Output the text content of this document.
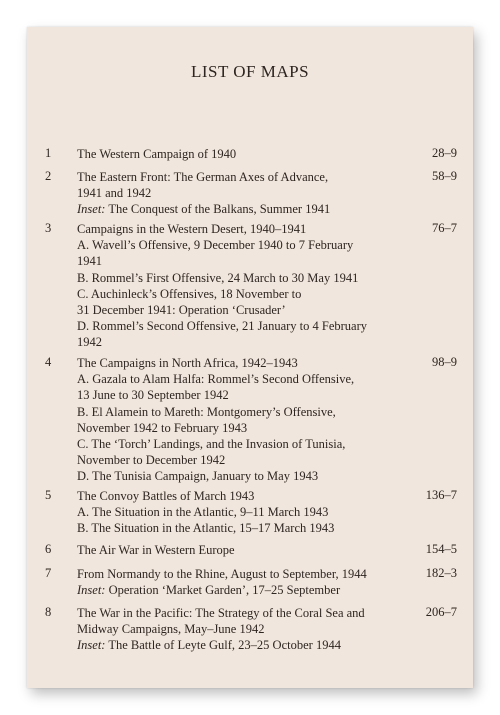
LIST OF MAPS
1 The Western Campaign of 1940	28–9
2 The Eastern Front: The German Axes of Advance,
1941 and 1942
Inset: The Conquest of the Balkans, Summer 1941
58–9
3 Campaigns in the Western Desert, 1940–1941
A. Wavell’s Offensive, 9 December 1940 to 7 February
1941
B. Rommel’s First Offensive, 24 March to 30 May 1941
C. Auchinleck’s Offensives, 18 November to
31 December 1941: Operation ‘Crusader’
D. Rommel’s Second Offensive, 21 January to 4 February
1942
76–7
4 The Campaigns in North Africa, 1942–1943
A. Gazala to Alam Halfa: Rommel’s Second Offensive,
13 June to 30 September 1942
B. El Alamein to Mareth: Montgomery’s Offensive,
November 1942 to February 1943
C. The ‘Torch’ Landings, and the Invasion of Tunisia,
November to December 1942
D. The Tunisia Campaign, January to May 1943
98–9
5 The Convoy Battles of March 1943
A. The Situation in the Atlantic, 9–11 March 1943
B. The Situation in the Atlantic, 15–17 March 1943
136–7
6 The Air War in Western Europe	154–5
7 From Normandy to the Rhine, August to September, 1944
Inset: Operation ‘Market Garden’, 17–25 September
182–3
8 The War in the Pacific: The Strategy of the Coral Sea and
Midway Campaigns, May–June 1942
Inset: The Battle of Leyte Gulf, 23–25 October 1944
206–7
